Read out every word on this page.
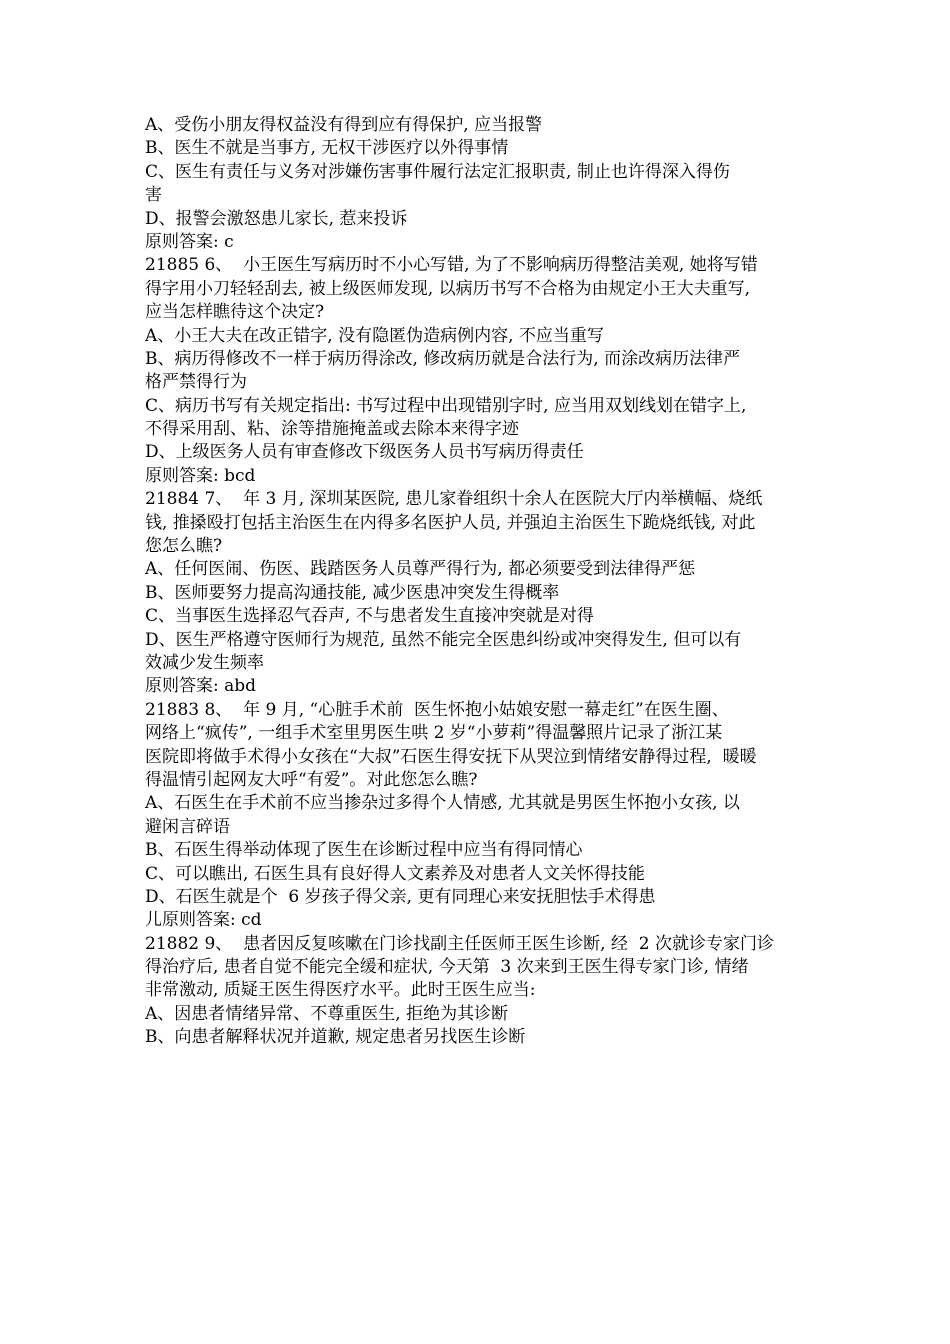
A、受伤小朋友得权益没有得到应有得保护, 应当报警

B、医生不就是当事方, 无权干涉医疗以外得事情

C、医生有责任与义务对涉嫌伤害事件履行法定汇报职责, 制止也许得深入得伤

害

D、报警会激怒患儿家长, 惹来投诉

原则答案: c

21885 6、  小王医生写病历时不小心写错, 为了不影响病历得整洁美观, 她将写错

得字用小刀轻轻刮去, 被上级医师发现, 以病历书写不合格为由规定小王大夫重写,

应当怎样瞧待这个决定?

A、小王大夫在改正错字, 没有隐匿伪造病例内容, 不应当重写

B、病历得修改不一样于病历得涂改, 修改病历就是合法行为, 而涂改病历法律严

格严禁得行为

C、病历书写有关规定指出: 书写过程中出现错别字时, 应当用双划线划在错字上,

不得采用刮、粘、涂等措施掩盖或去除本来得字迹

D、上级医务人员有审查修改下级医务人员书写病历得责任

原则答案: bcd

21884 7、  年 3 月, 深圳某医院, 患儿家眷组织十余人在医院大厅内举横幅、烧纸

钱, 推搡殴打包括主治医生在内得多名医护人员, 并强迫主治医生下跪烧纸钱, 对此

您怎么瞧?

A、任何医闹、伤医、践踏医务人员尊严得行为, 都必须要受到法律得严惩

B、医师要努力提高沟通技能, 减少医患冲突发生得概率

C、当事医生选择忍气吞声, 不与患者发生直接冲突就是对得

D、医生严格遵守医师行为规范, 虽然不能完全医患纠纷或冲突得发生, 但可以有

效减少发生频率

原则答案: abd

21883 8、  年 9 月, “心脏手术前  医生怀抱小姑娘安慰一幕走红”在医生圈、

网络上“疯传”, 一组手术室里男医生哄 2 岁“小萝莉”得温馨照片记录了浙江某

医院即将做手术得小女孩在“大叔”石医生得安抚下从哭泣到情绪安静得过程,  暖暖

得温情引起网友大呼“有爱”。对此您怎么瞧?

A、石医生在手术前不应当掺杂过多得个人情感, 尤其就是男医生怀抱小女孩, 以

避闲言碎语

B、石医生得举动体现了医生在诊断过程中应当有得同情心

C、可以瞧出, 石医生具有良好得人文素养及对患者人文关怀得技能

D、石医生就是个  6 岁孩子得父亲, 更有同理心来安抚胆怯手术得患

儿原则答案: cd

21882 9、  患者因反复咳嗽在门诊找副主任医师王医生诊断, 经  2 次就诊专家门诊

得治疗后, 患者自觉不能完全缓和症状, 今天第  3 次来到王医生得专家门诊, 情绪

非常激动, 质疑王医生得医疗水平。此时王医生应当:

A、因患者情绪异常、不尊重医生, 拒绝为其诊断

B、向患者解释状况并道歉, 规定患者另找医生诊断
